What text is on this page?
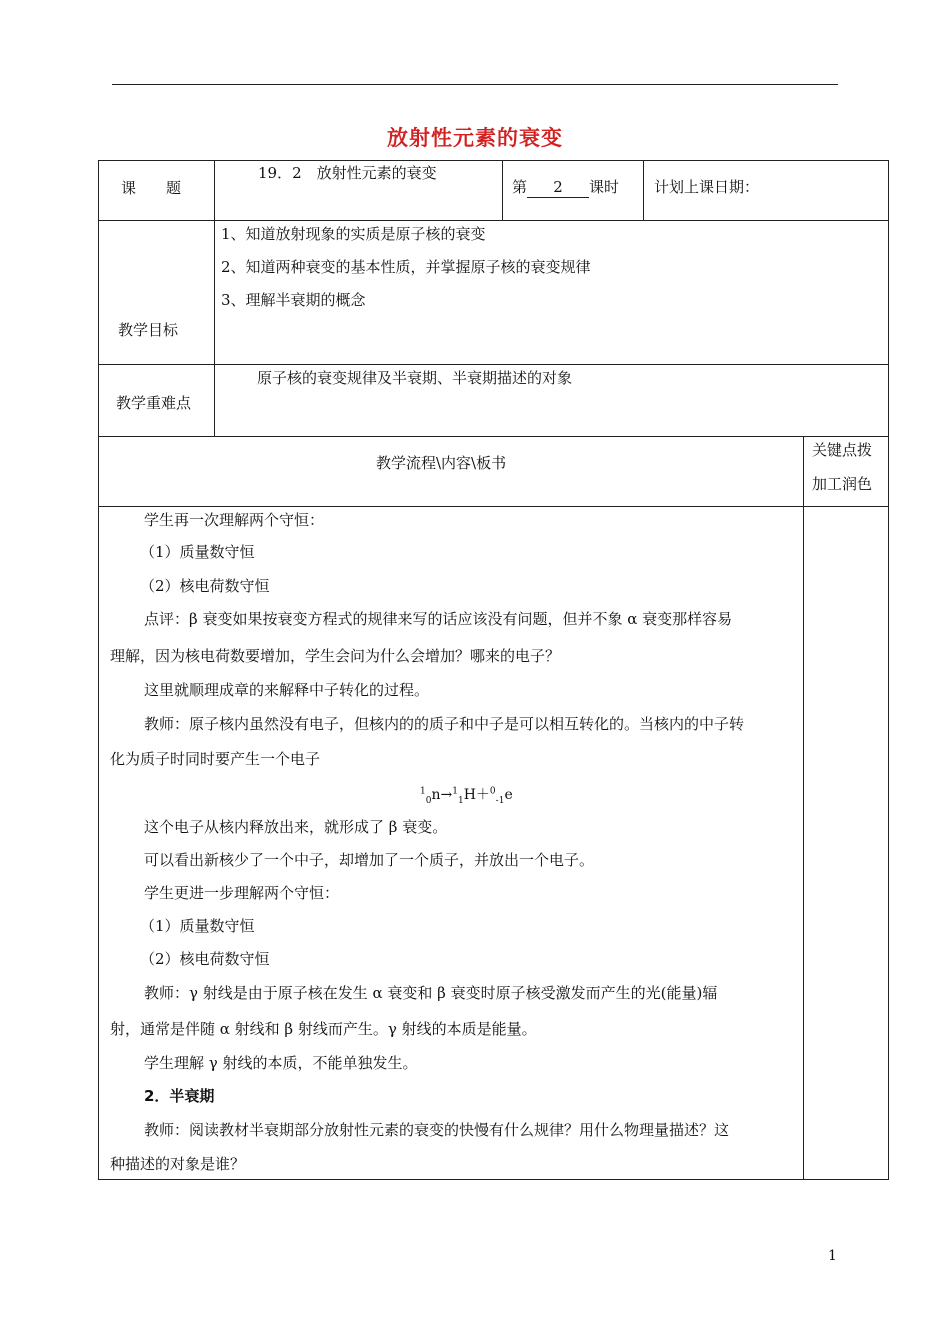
放射性元素的衰变
课　　题
19．2　放射性元素的衰变
第 2 课时 计划上课日期：
教学目标
1、知道放射现象的实质是原子核的衰变
2、知道两种衰变的基本性质，并掌握原子核的衰变规律
3、理解半衰期的概念
教学重难点
原子核的衰变规律及半衰期、半衰期描述的对象
教学流程\内容\板书
关键点拨
加工润色
学生再一次理解两个守恒：
（1）质量数守恒
（2）核电荷数守恒
点评：β 衰变如果按衰变方程式的规律来写的话应该没有问题，但并不象 α 衰变那样容易
理解，因为核电荷数要增加，学生会问为什么会增加？哪来的电子？
这里就顺理成章的来解释中子转化的过程。
教师：原子核内虽然没有电子，但核内的的质子和中子是可以相互转化的。当核内的中子转
化为质子时同时要产生一个电子
$^1_0$n→$^1_1$H＋$^0_{-1}$e
这个电子从核内释放出来，就形成了 β 衰变。
可以看出新核少了一个中子，却增加了一个质子，并放出一个电子。
学生更进一步理解两个守恒：
（1）质量数守恒
（2）核电荷数守恒
教师：γ 射线是由于原子核在发生 α 衰变和 β 衰变时原子核受激发而产生的光(能量)辐
射，通常是伴随 α 射线和 β 射线而产生。γ 射线的本质是能量。
学生理解 γ 射线的本质，不能单独发生。
2．半衰期
教师：阅读教材半衰期部分放射性元素的衰变的快慢有什么规律？用什么物理量描述？这
种描述的对象是谁？
1
